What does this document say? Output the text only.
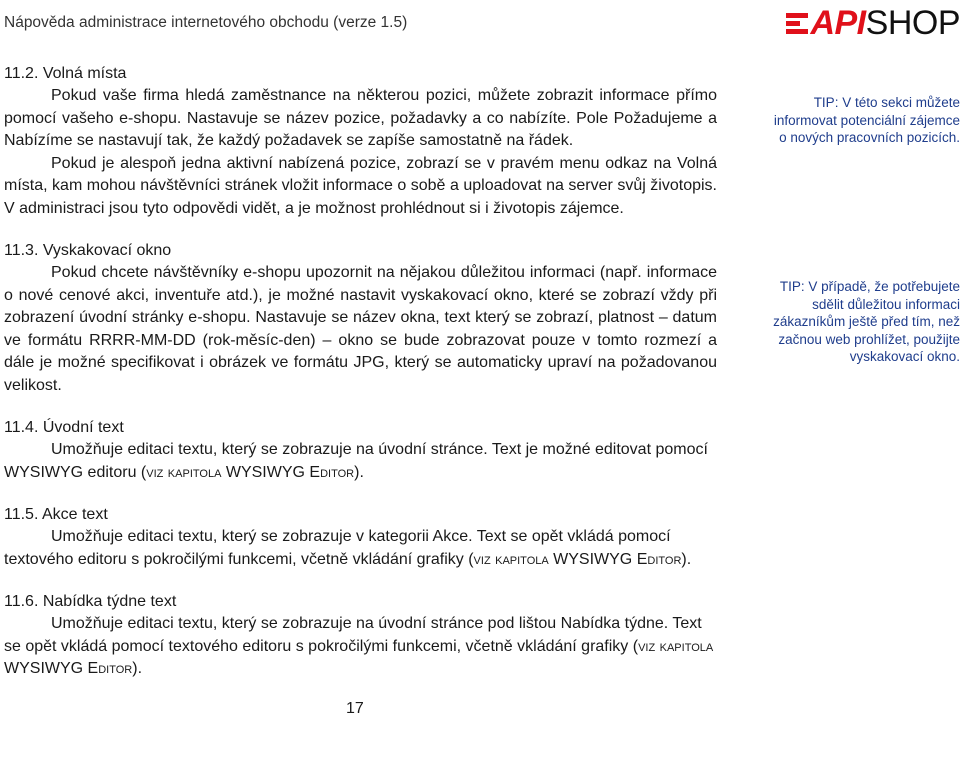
Nápověda administrace internetového obchodu (verze 1.5)	API SHOP
11.2. Volná místa
Pokud vaše firma hledá zaměstnance na některou pozici, můžete zobrazit informace přímo pomocí vašeho e-shopu. Nastavuje se název pozice, požadavky a co nabízíte. Pole Požadujeme a Nabízíme se nastavují tak, že každý požadavek se zapíše samostatně na řádek.
Pokud je alespoň jedna aktivní nabízená pozice, zobrazí se v pravém menu odkaz na Volná místa, kam mohou návštěvníci stránek vložit informace o sobě a uploadovat na server svůj životopis. V administraci jsou tyto odpovědi vidět, a je možnost prohlédnout si i životopis zájemce.
11.3. Vyskakovací okno
Pokud chcete návštěvníky e-shopu upozornit na nějakou důležitou informaci (např. informace o nové cenové akci, inventuře atd.), je možné nastavit vyskakovací okno, které se zobrazí vždy při zobrazení úvodní stránky e-shopu. Nastavuje se název okna, text který se zobrazí, platnost – datum ve formátu RRRR-MM-DD (rok-měsíc-den) – okno se bude zobrazovat pouze v tomto rozmezí a dále je možné specifikovat i obrázek ve formátu JPG, který se automaticky upraví na požadovanou velikost.
11.4. Úvodní text
Umožňuje editaci textu, který se zobrazuje na úvodní stránce. Text je možné editovat pomocí WYSIWYG editoru (viz kapitola WYSIWYG Editor).
11.5. Akce text
Umožňuje editaci textu, který se zobrazuje v kategorii Akce. Text se opět vkládá pomocí textového editoru s pokročilými funkcemi, včetně vkládání grafiky (viz kapitola WYSIWYG Editor).
11.6. Nabídka týdne text
Umožňuje editaci textu, který se zobrazuje na úvodní stránce pod lištou Nabídka týdne. Text se opět vkládá pomocí textového editoru s pokročilými funkcemi, včetně vkládání grafiky (viz kapitola WYSIWYG Editor).
TIP: V této sekci můžete informovat potenciální zájemce o nových pracovních pozicích.
TIP: V případě, že potřebujete sdělit důležitou informaci zákazníkům ještě před tím, než začnou web prohlížet, použijte vyskakovací okno.
17
